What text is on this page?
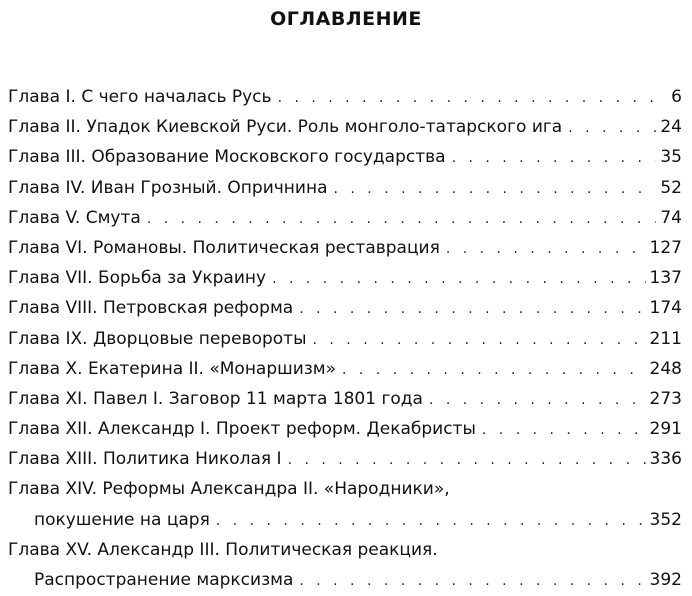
ОГЛАВЛЕНИЕ
Глава I. С чего началась Русь . . .	6
Глава II. Упадок Киевской Руси. Роль монголо-татарского ига . . .	24
Глава III. Образование Московского государства . . .	35
Глава IV. Иван Грозный. Опричнина . . .	52
Глава V. Смута . . .	74
Глава VI. Романовы. Политическая реставрация . . .	127
Глава VII. Борьба за Украину . . .	137
Глава VIII. Петровская реформа . . .	174
Глава IX. Дворцовые перевороты . . .	211
Глава X. Екатерина II. «Монаршизм» . . .	248
Глава XI. Павел I. Заговор 11 марта 1801 года . . .	273
Глава XII. Александр I. Проект реформ. Декабристы . . .	291
Глава XIII. Политика Николая I . . .	336
Глава XIV. Реформы Александра II. «Народники»,
покушение на царя . . .	352
Глава XV. Александр III. Политическая реакция.
Распространение марксизма . . .	392
